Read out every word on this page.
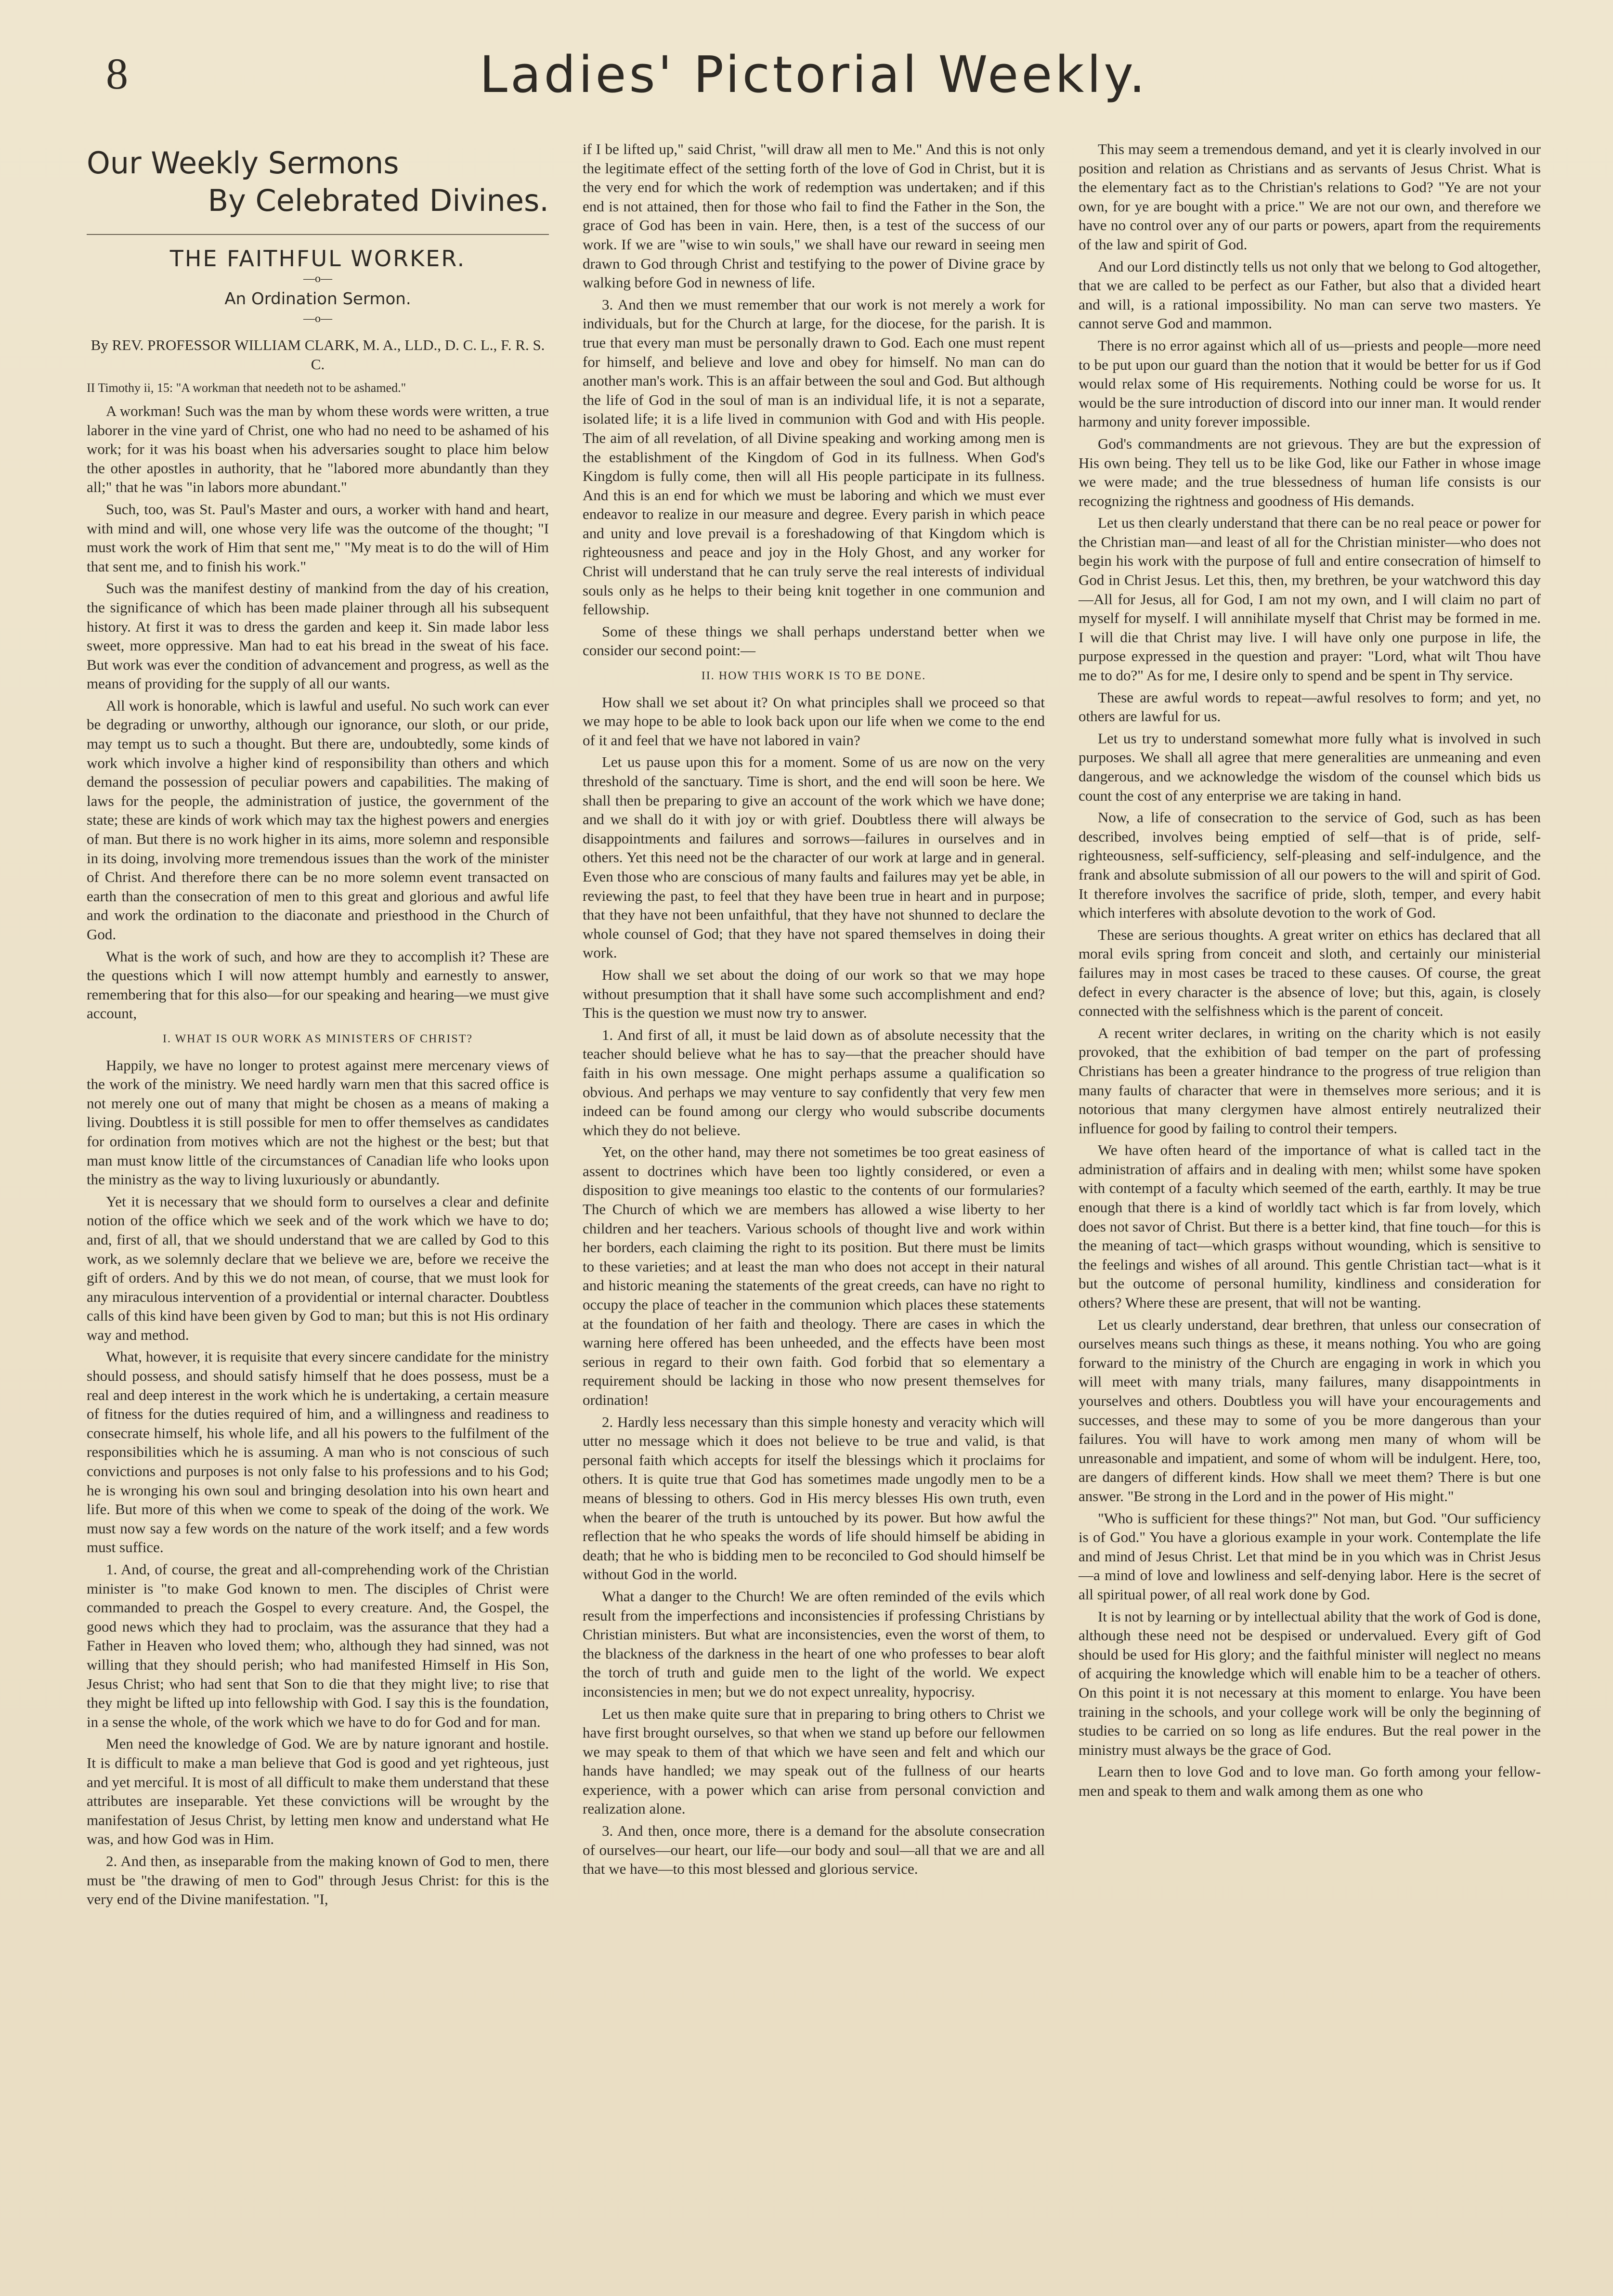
8	Ladies' Pictorial Weekly.
Our Weekly Sermons
By Celebrated Divines.
THE FAITHFUL WORKER.
—o—
An Ordination Sermon.
—o—
By REV. PROFESSOR WILLIAM CLARK, M. A., LLD., D. C. L., F. R. S. C.
II Timothy ii, 15: "A workman that needeth not to be ashamed."

A workman! Such was the man by whom these words were written, a true laborer in the vine yard of Christ, one who had no need to be ashamed of his work; for it was his boast when his adversaries sought to place him below the other apostles in authority, that he "labored more abundantly than they all;" that he was "in labors more abundant."

Such, too, was St. Paul's Master and ours, a worker with hand and heart, with mind and will, one whose very life was the outcome of the thought; "I must work the work of Him that sent me," "My meat is to do the will of Him that sent me, and to finish his work."

Such was the manifest destiny of mankind from the day of his creation, the significance of which has been made plainer through all his subsequent history. At first it was to dress the garden and keep it. Sin made labor less sweet, more oppressive. Man had to eat his bread in the sweat of his face. But work was ever the condition of advancement and progress, as well as the means of providing for the supply of all our wants.

All work is honorable, which is lawful and useful. No such work can ever be degrading or unworthy, although our ignorance, our sloth, or our pride, may tempt us to such a thought. But there are, undoubtedly, some kinds of work which involve a higher kind of responsibility than others and which demand the possession of peculiar powers and capabilities. The making of laws for the people, the administration of justice, the government of the state; these are kinds of work which may tax the highest powers and energies of man. But there is no work higher in its aims, more solemn and responsible in its doing, involving more tremendous issues than the work of the minister of Christ. And therefore there can be no more solemn event transacted on earth than the consecration of men to this great and glorious and awful life and work the ordination to the diaconate and priesthood in the Church of God.

What is the work of such, and how are they to accomplish it? These are the questions which I will now attempt humbly and earnestly to answer, remembering that for this also—for our speaking and hearing—we must give account,

I. WHAT IS OUR WORK AS MINISTERS OF CHRIST?

Happily, we have no longer to protest against mere mercenary views of the work of the ministry. We need hardly warn men that this sacred office is not merely one out of many that might be chosen as a means of making a living. Doubtless it is still possible for men to offer themselves as candidates for ordination from motives which are not the highest or the best; but that man must know little of the circumstances of Canadian life who looks upon the ministry as the way to living luxuriously or abundantly.

Yet it is necessary that we should form to ourselves a clear and definite notion of the office which we seek and of the work which we have to do; and, first of all, that we should understand that we are called by God to this work, as we solemnly declare that we believe we are, before we receive the gift of orders. And by this we do not mean, of course, that we must look for any miraculous intervention of a providential or internal character. Doubtless calls of this kind have been given by God to man; but this is not His ordinary way and method.

What, however, it is requisite that every sincere candidate for the ministry should possess, and should satisfy himself that he does possess, must be a real and deep interest in the work which he is undertaking, a certain measure of fitness for the duties required of him, and a willingness and readiness to consecrate himself, his whole life, and all his powers to the fulfilment of the responsibilities which he is assuming. A man who is not conscious of such convictions and purposes is not only false to his professions and to his God; he is wronging his own soul and bringing desolation into his own heart and life. But more of this when we come to speak of the doing of the work. We must now say a few words on the nature of the work itself; and a few words must suffice.

1. And, of course, the great and all-comprehending work of the Christian minister is "to make God known to men. The disciples of Christ were commanded to preach the Gospel to every creature. And, the Gospel, the good news which they had to proclaim, was the assurance that they had a Father in Heaven who loved them; who, although they had sinned, was not willing that they should perish; who had manifested Himself in His Son, Jesus Christ; who had sent that Son to die that they might live; to rise that they might be lifted up into fellowship with God. I say this is the foundation, in a sense the whole, of the work which we have to do for God and for man.

Men need the knowledge of God. We are by nature ignorant and hostile. It is difficult to make a man believe that God is good and yet righteous, just and yet merciful. It is most of all difficult to make them understand that these attributes are inseparable. Yet these convictions will be wrought by the manifestation of Jesus Christ, by letting men know and understand what He was, and how God was in Him.

2. And then, as inseparable from the making known of God to men, there must be "the drawing of men to God" through Jesus Christ: for this is the very end of the Divine manifestation. "I,

if I be lifted up," said Christ, "will draw all men to Me." And this is not only the legitimate effect of the setting forth of the love of God in Christ, but it is the very end for which the work of redemption was undertaken; and if this end is not attained, then for those who fail to find the Father in the Son, the grace of God has been in vain. Here, then, is a test of the success of our work. If we are "wise to win souls," we shall have our reward in seeing men drawn to God through Christ and testifying to the power of Divine grace by walking before God in newness of life.

3. And then we must remember that our work is not merely a work for individuals, but for the Church at large, for the diocese, for the parish. It is true that every man must be personally drawn to God. Each one must repent for himself, and believe and love and obey for himself. No man can do another man's work. This is an affair between the soul and God. But although the life of God in the soul of man is an individual life, it is not a separate, isolated life; it is a life lived in communion with God and with His people. The aim of all revelation, of all Divine speaking and working among men is the establishment of the Kingdom of God in its fullness. When God's Kingdom is fully come, then will all His people participate in its fullness. And this is an end for which we must be laboring and which we must ever endeavor to realize in our measure and degree. Every parish in which peace and unity and love prevail is a foreshadowing of that Kingdom which is righteousness and peace and joy in the Holy Ghost, and any worker for Christ will understand that he can truly serve the real interests of individual souls only as he helps to their being knit together in one communion and fellowship.

Some of these things we shall perhaps understand better when we consider our second point:—

II. HOW THIS WORK IS TO BE DONE.

How shall we set about it? On what principles shall we proceed so that we may hope to be able to look back upon our life when we come to the end of it and feel that we have not labored in vain?

Let us pause upon this for a moment. Some of us are now on the very threshold of the sanctuary. Time is short, and the end will soon be here. We shall then be preparing to give an account of the work which we have done; and we shall do it with joy or with grief. Doubtless there will always be disappointments and failures and sorrows—failures in ourselves and in others. Yet this need not be the character of our work at large and in general. Even those who are conscious of many faults and failures may yet be able, in reviewing the past, to feel that they have been true in heart and in purpose; that they have not been unfaithful, that they have not shunned to declare the whole counsel of God; that they have not spared themselves in doing their work.

How shall we set about the doing of our work so that we may hope without presumption that it shall have some such accomplishment and end? This is the question we must now try to answer.

1. And first of all, it must be laid down as of absolute necessity that the teacher should believe what he has to say—that the preacher should have faith in his own message. One might perhaps assume a qualification so obvious. And perhaps we may venture to say confidently that very few men indeed can be found among our clergy who would subscribe documents which they do not believe.

Yet, on the other hand, may there not sometimes be too great easiness of assent to doctrines which have been too lightly considered, or even a disposition to give meanings too elastic to the contents of our formularies? The Church of which we are members has allowed a wise liberty to her children and her teachers. Various schools of thought live and work within her borders, each claiming the right to its position. But there must be limits to these varieties; and at least the man who does not accept in their natural and historic meaning the statements of the great creeds, can have no right to occupy the place of teacher in the communion which places these statements at the foundation of her faith and theology. There are cases in which the warning here offered has been unheeded, and the effects have been most serious in regard to their own faith. God forbid that so elementary a requirement should be lacking in those who now present themselves for ordination!

2. Hardly less necessary than this simple honesty and veracity which will utter no message which it does not believe to be true and valid, is that personal faith which accepts for itself the blessings which it proclaims for others. It is quite true that God has sometimes made ungodly men to be a means of blessing to others. God in His mercy blesses His own truth, even when the bearer of the truth is untouched by its power. But how awful the reflection that he who speaks the words of life should himself be abiding in death; that he who is bidding men to be reconciled to God should himself be without God in the world.

What a danger to the Church! We are often reminded of the evils which result from the imperfections and inconsistencies if professing Christians by Christian ministers. But what are inconsistencies, even the worst of them, to the blackness of the darkness in the heart of one who professes to bear aloft the torch of truth and guide men to the light of the world. We expect inconsistencies in men; but we do not expect unreality, hypocrisy.

Let us then make quite sure that in preparing to bring others to Christ we have first brought ourselves, so that when we stand up before our fellowmen we may speak to them of that which we have seen and felt and which our hands have handled; we may speak out of the fullness of our hearts experience, with a power which can arise from personal conviction and realization alone.

3. And then, once more, there is a demand for the absolute consecration of ourselves—our heart, our life—our body and soul—all that we are and all that we have—to this most blessed and glorious service.

This may seem a tremendous demand, and yet it is clearly involved in our position and relation as Christians and as servants of Jesus Christ. What is the elementary fact as to the Christian's relations to God? "Ye are not your own, for ye are bought with a price." We are not our own, and therefore we have no control over any of our parts or powers, apart from the requirements of the law and spirit of God.

And our Lord distinctly tells us not only that we belong to God altogether, that we are called to be perfect as our Father, but also that a divided heart and will, is a rational impossibility. No man can serve two masters. Ye cannot serve God and mammon.

There is no error against which all of us—priests and people—more need to be put upon our guard than the notion that it would be better for us if God would relax some of His requirements. Nothing could be worse for us. It would be the sure introduction of discord into our inner man. It would render harmony and unity forever impossible.

God's commandments are not grievous. They are but the expression of His own being. They tell us to be like God, like our Father in whose image we were made; and the true blessedness of human life consists is our recognizing the rightness and goodness of His demands.

Let us then clearly understand that there can be no real peace or power for the Christian man—and least of all for the Christian minister—who does not begin his work with the purpose of full and entire consecration of himself to God in Christ Jesus. Let this, then, my brethren, be your watchword this day—All for Jesus, all for God, I am not my own, and I will claim no part of myself for myself. I will annihilate myself that Christ may be formed in me. I will die that Christ may live. I will have only one purpose in life, the purpose expressed in the question and prayer: "Lord, what wilt Thou have me to do?" As for me, I desire only to spend and be spent in Thy service.

These are awful words to repeat—awful resolves to form; and yet, no others are lawful for us.

Let us try to understand somewhat more fully what is involved in such purposes. We shall all agree that mere generalities are unmeaning and even dangerous, and we acknowledge the wisdom of the counsel which bids us count the cost of any enterprise we are taking in hand.

Now, a life of consecration to the service of God, such as has been described, involves being emptied of self—that is of pride, self-righteousness, self-sufficiency, self-pleasing and self-indulgence, and the frank and absolute submission of all our powers to the will and spirit of God. It therefore involves the sacrifice of pride, sloth, temper, and every habit which interferes with absolute devotion to the work of God.

These are serious thoughts. A great writer on ethics has declared that all moral evils spring from conceit and sloth, and certainly our ministerial failures may in most cases be traced to these causes. Of course, the great defect in every character is the absence of love; but this, again, is closely connected with the selfishness which is the parent of conceit.

A recent writer declares, in writing on the charity which is not easily provoked, that the exhibition of bad temper on the part of professing Christians has been a greater hindrance to the progress of true religion than many faults of character that were in themselves more serious; and it is notorious that many clergymen have almost entirely neutralized their influence for good by failing to control their tempers.

We have often heard of the importance of what is called tact in the administration of affairs and in dealing with men; whilst some have spoken with contempt of a faculty which seemed of the earth, earthly. It may be true enough that there is a kind of worldly tact which is far from lovely, which does not savor of Christ. But there is a better kind, that fine touch—for this is the meaning of tact—which grasps without wounding, which is sensitive to the feelings and wishes of all around. This gentle Christian tact—what is it but the outcome of personal humility, kindliness and consideration for others? Where these are present, that will not be wanting.

Let us clearly understand, dear brethren, that unless our consecration of ourselves means such things as these, it means nothing. You who are going forward to the ministry of the Church are engaging in work in which you will meet with many trials, many failures, many disappointments in yourselves and others. Doubtless you will have your encouragements and successes, and these may to some of you be more dangerous than your failures. You will have to work among men many of whom will be unreasonable and impatient, and some of whom will be indulgent. Here, too, are dangers of different kinds. How shall we meet them? There is but one answer. "Be strong in the Lord and in the power of His might."

"Who is sufficient for these things?" Not man, but God. "Our sufficiency is of God." You have a glorious example in your work. Contemplate the life and mind of Jesus Christ. Let that mind be in you which was in Christ Jesus—a mind of love and lowliness and self-denying labor. Here is the secret of all spiritual power, of all real work done by God.

It is not by learning or by intellectual ability that the work of God is done, although these need not be despised or undervalued. Every gift of God should be used for His glory; and the faithful minister will neglect no means of acquiring the knowledge which will enable him to be a teacher of others. On this point it is not necessary at this moment to enlarge. You have been training in the schools, and your college work will be only the beginning of studies to be carried on so long as life endures. But the real power in the ministry must always be the grace of God.

Learn then to love God and to love man. Go forth among your fellow-men and speak to them and walk among them as one who
